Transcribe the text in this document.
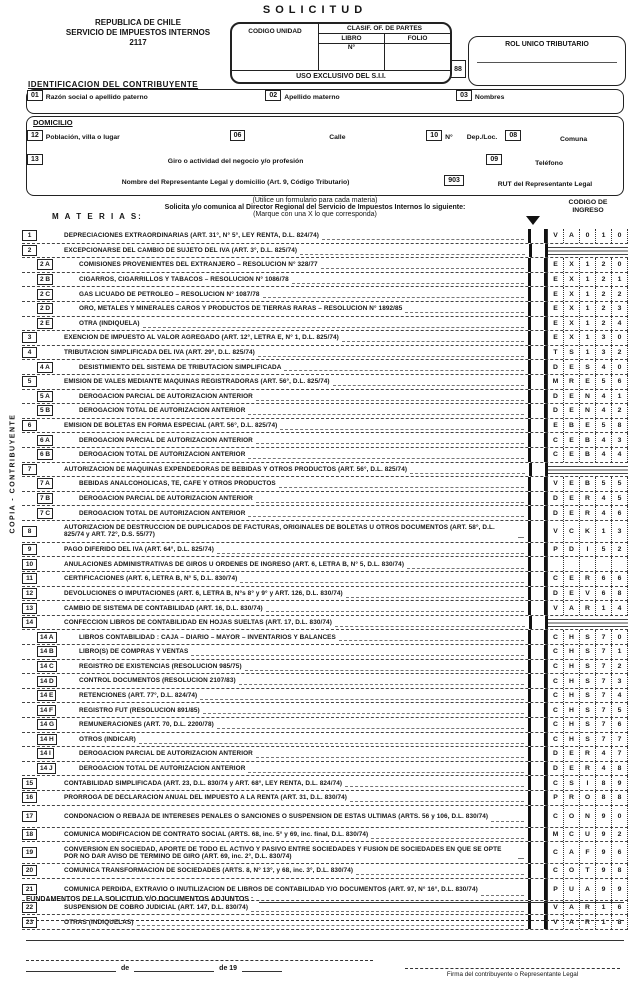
SOLICITUD
REPUBLICA DE CHILE
SERVICIO DE IMPUESTOS INTERNOS
2117
CODIGO UNIDAD	CLASIF. OF. DE PARTES
LIBRO	FOLIO
N°
USO EXCLUSIVO DEL S.I.I.
88
ROL UNICO TRIBUTARIO
IDENTIFICACION DEL CONTRIBUYENTE
01	Razón social o apellido paterno	02	Apellido materno	03	Nombres
DOMICILIO
12	Población, villa o lugar	06	Calle	10	N° Dep./Loc.	08
Comuna
13	Giro o actividad del negocio y/o profesión	09
Teléfono
Nombre del Representante Legal y domicilio (Art. 9, Código Tributario)	903
RUT del Representante Legal
(Utilice un formulario para cada materia)
Solicita y/o comunica al Director Regional del Servicio de Impuestos Internos lo siguiente:
(Marque con una X lo que corresponda)
M A T E R I A S:
CODIGO DE
INGRESO
1	DEPRECIACIONES EXTRAORDINARIAS (ART. 31°, N° 5°, LEY RENTA, D.L. 824/74)	V	A	0	1	0
2	EXCEPCIONARSE DEL CAMBIO DE SUJETO DEL IVA (ART. 3°, D.L. 825/74)
2 A	COMISIONES PROVENIENTES DEL EXTRANJERO – RESOLUCION N° 328/77	E	X	1	2	0
2 B	CIGARROS, CIGARRILLOS Y TABACOS – RESOLUCION N° 1086/78	E	X	1	2	1
2 C	GAS LICUADO DE PETROLEO – RESOLUCION N° 1087/78	E	X	1	2	2
2 D	ORO, METALES Y MINERALES CAROS Y PRODUCTOS DE TIERRAS RARAS – RESOLUCION N° 1892/85	E	X	1	2	3
2 E	OTRA (INDIQUELA)	E	X	1	2	4
3	EXENCION DE IMPUESTO AL VALOR AGREGADO (ART. 12°, LETRA E, N° 1, D.L. 825/74)	E	X	1	3	0
4	TRIBUTACION SIMPLIFICADA DEL IVA (ART. 29°, D.L. 825/74)	T	S	1	3	2
4 A	DESISTIMIENTO DEL SISTEMA DE TRIBUTACION SIMPLIFICADA	D	E	S	4	0
5	EMISION DE VALES MEDIANTE MAQUINAS REGISTRADORAS (ART. 56°, D.L. 825/74)	M	R	E	5	6
5 A	DEROGACION PARCIAL DE AUTORIZACION ANTERIOR	D	E	N	4	1
5 B	DEROGACION TOTAL DE AUTORIZACION ANTERIOR	D	E	N	4	2
6	EMISION DE BOLETAS EN FORMA ESPECIAL (ART. 56°, D.L. 825/74)	E	B	E	5	8
6 A	DEROGACION PARCIAL DE AUTORIZACION ANTERIOR	C	E	B	4	3
6 B	DEROGACION TOTAL DE AUTORIZACION ANTERIOR	C	E	B	4	4
7	AUTORIZACION DE MAQUINAS EXPENDEDORAS DE BEBIDAS Y OTROS PRODUCTOS (ART. 56°, D.L. 825/74)
7 A	BEBIDAS ANALCOHOLICAS, TE, CAFE Y OTROS PRODUCTOS	V	E	B	5	5
7 B	DEROGACION PARCIAL DE AUTORIZACION ANTERIOR	D	E	R	4	5
7 C	DEROGACION TOTAL DE AUTORIZACION ANTERIOR	D	E	R	4	6
8
AUTORIZACION DE DESTRUCCION DE DUPLICADOS DE FACTURAS, ORIGINALES DE BOLETAS U OTROS DOCUMENTOS (ART. 58°, D.L. 825/74 y ART. 72°, D.S. 55/77)	V	C	K	1	3
9	PAGO DIFERIDO DEL IVA (ART. 64°, D.L. 825/74)	P	D	I	5	2
10	ANULACIONES ADMINISTRATIVAS DE GIROS U ORDENES DE INGRESO (ART. 6, LETRA B, N° 5, D.L. 830/74)
11	CERTIFICACIONES (ART. 6, LETRA B, N° 5, D.L. 830/74)	C	E	R	6	6
12	DEVOLUCIONES O IMPUTACIONES (ART. 6, LETRA B, N°s 8° y 9° y ART. 126, D.L. 830/74)	D	E	V	6	8
13	CAMBIO DE SISTEMA DE CONTABILIDAD (ART. 16, D.L. 830/74)	V	A	R	1	4
14	CONFECCION LIBROS DE CONTABILIDAD EN HOJAS SUELTAS (ART. 17, D.L. 830/74)
14 A	LIBROS CONTABILIDAD : CAJA – DIARIO – MAYOR – INVENTARIOS Y BALANCES	C	H	S	7	0
14 B	LIBRO(S) DE COMPRAS Y VENTAS	C	H	S	7	1
14 C	REGISTRO DE EXISTENCIAS (RESOLUCION 985/75)	C	H	S	7	2
14 D	CONTROL DOCUMENTOS (RESOLUCION 2107/83)	C	H	S	7	3
14 E	RETENCIONES (ART. 77°, D.L. 824/74)	C	H	S	7	4
14 F	REGISTRO FUT (RESOLUCION 891/85)	C	H	S	7	5
14 G	REMUNERACIONES (ART. 70, D.L. 2200/78)	C	H	S	7	6
14 H	OTROS (INDICAR)	C	H	S	7	7
14 I	DEROGACION PARCIAL DE AUTORIZACION ANTERIOR	D	E	R	4	7
14 J	DEROGACION TOTAL DE AUTORIZACION ANTERIOR	D	E	R	4	8
15	CONTABILIDAD SIMPLIFICADA (ART. 23, D.L. 830/74 y ART. 68°, LEY RENTA, D.L. 824/74)	C	S	I	8	9
16	PRORROGA DE DECLARACION ANUAL DEL IMPUESTO A LA RENTA (ART. 31, D.L. 830/74)	P	R	O	8	8
17	CONDONACION O REBAJA DE INTERESES PENALES O SANCIONES O SUSPENSION DE ESTAS ULTIMAS (ARTS. 56 y 106, D.L. 830/74)	C	O	N	9	0
18	COMUNICA MODIFICACION DE CONTRATO SOCIAL (ARTS. 68, inc. 5° y 69, inc. final, D.L. 830/74)	M	C	U	9	2
19
CONVERSION EN SOCIEDAD, APORTE DE TODO EL ACTIVO Y PASIVO ENTRE SOCIEDADES Y FUSION DE SOCIEDADES EN QUE SE OPTE POR NO DAR AVISO DE TERMINO DE GIRO (ART. 69, inc. 2°, D.L. 830/74)	C	A	F	9	6
20	COMUNICA TRANSFORMACION DE SOCIEDADES (ARTS. 8, N° 13°, y 68, inc. 3°, D.L. 830/74)	C	O	T	9	8
21	COMUNICA PERDIDA, EXTRAVIO O INUTILIZACION DE LIBROS DE CONTABILIDAD Y/O DOCUMENTOS (ART. 97, N° 16°, D.L. 830/74)	P	U	A	9	9
22	SUSPENSION DE COBRO JUDICIAL (ART. 147, D.L. 830/74)	V	A	R	1	6
23	OTRAS (INDIQUELAS)	V	A	R	1	8
COPIA - CONTRIBUYENTE
FUNDAMENTOS DE LA SOLICITUD Y/O DOCUMENTOS ADJUNTOS :
de	de 19
Firma del contribuyente o Representante Legal
